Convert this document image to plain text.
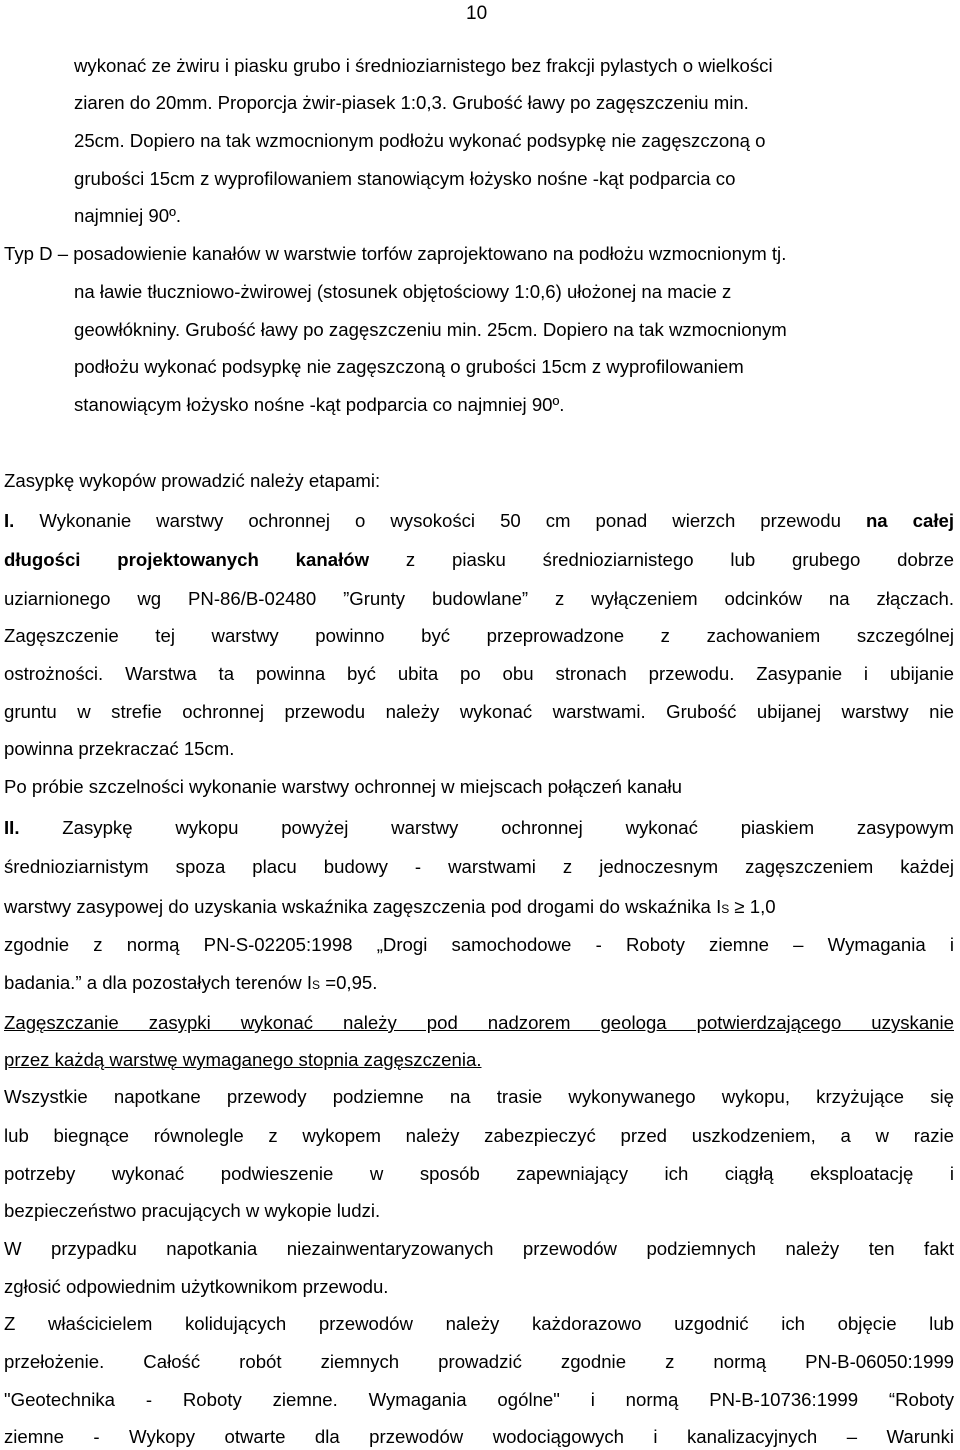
10
wykonać ze żwiru i piasku grubo i średnioziarnistego bez frakcji pylastych o wielkości
ziaren do 20mm. Proporcja żwir-piasek 1:0,3. Grubość ławy po zagęszczeniu min.
25cm. Dopiero na tak wzmocnionym podłożu wykonać podsypkę nie zagęszczoną o
grubości 15cm z wyprofilowaniem stanowiącym łożysko nośne -kąt podparcia co
najmniej 90º.
Typ D – posadowienie kanałów w warstwie torfów zaprojektowano na podłożu wzmocnionym tj.
na ławie tłuczniowo-żwirowej (stosunek objętościowy 1:0,6) ułożonej na macie z
geowłókniny. Grubość ławy po zagęszczeniu min. 25cm. Dopiero na tak wzmocnionym
podłożu wykonać podsypkę nie zagęszczoną o grubości 15cm z wyprofilowaniem
stanowiącym łożysko nośne -kąt podparcia co najmniej 90º.
Zasypkę wykopów prowadzić należy etapami:
I. Wykonanie warstwy ochronnej o wysokości 50 cm ponad wierzch przewodu na całej
długości projektowanych kanałów z piasku średnioziarnistego lub grubego dobrze
uziarnionego wg PN-86/B-02480 ”Grunty budowlane” z wyłączeniem odcinków na złączach.
Zagęszczenie tej warstwy powinno być przeprowadzone z zachowaniem szczególnej
ostrożności. Warstwa ta powinna być ubita po obu stronach przewodu. Zasypanie i ubijanie
gruntu w strefie ochronnej przewodu należy wykonać warstwami. Grubość ubijanej warstwy nie
powinna przekraczać 15cm.
Po próbie szczelności wykonanie warstwy ochronnej w miejscach połączeń kanału
II. Zasypkę wykopu powyżej warstwy ochronnej wykonać piaskiem zasypowym
średnioziarnistym spoza placu budowy - warstwami z jednoczesnym zagęszczeniem każdej
warstwy zasypowej do uzyskania wskaźnika zagęszczenia pod drogami do wskaźnika IS ≥ 1,0
zgodnie z normą PN-S-02205:1998 „Drogi samochodowe - Roboty ziemne – Wymagania i
badania.” a dla pozostałych terenów IS =0,95.
Zagęszczanie zasypki wykonać należy pod nadzorem geologa potwierdzającego uzyskanie
przez każdą warstwę wymaganego stopnia zagęszczenia.
Wszystkie napotkane przewody podziemne na trasie wykonywanego wykopu, krzyżujące się
lub biegnące równolegle z wykopem należy zabezpieczyć przed uszkodzeniem, a w razie
potrzeby wykonać podwieszenie w sposób zapewniający ich ciągłą eksploatację i
bezpieczeństwo pracujących w wykopie ludzi.
W przypadku napotkania niezainwentaryzowanych przewodów podziemnych należy ten fakt
zgłosić odpowiednim użytkownikom przewodu.
Z właścicielem kolidujących przewodów należy każdorazowo uzgodnić ich objęcie lub
przełożenie. Całość robót ziemnych prowadzić zgodnie z normą PN-B-06050:1999
"Geotechnika - Roboty ziemne. Wymagania ogólne" i normą PN-B-10736:1999 “Roboty
ziemne - Wykopy otwarte dla przewodów wodociągowych i kanalizacyjnych – Warunki
